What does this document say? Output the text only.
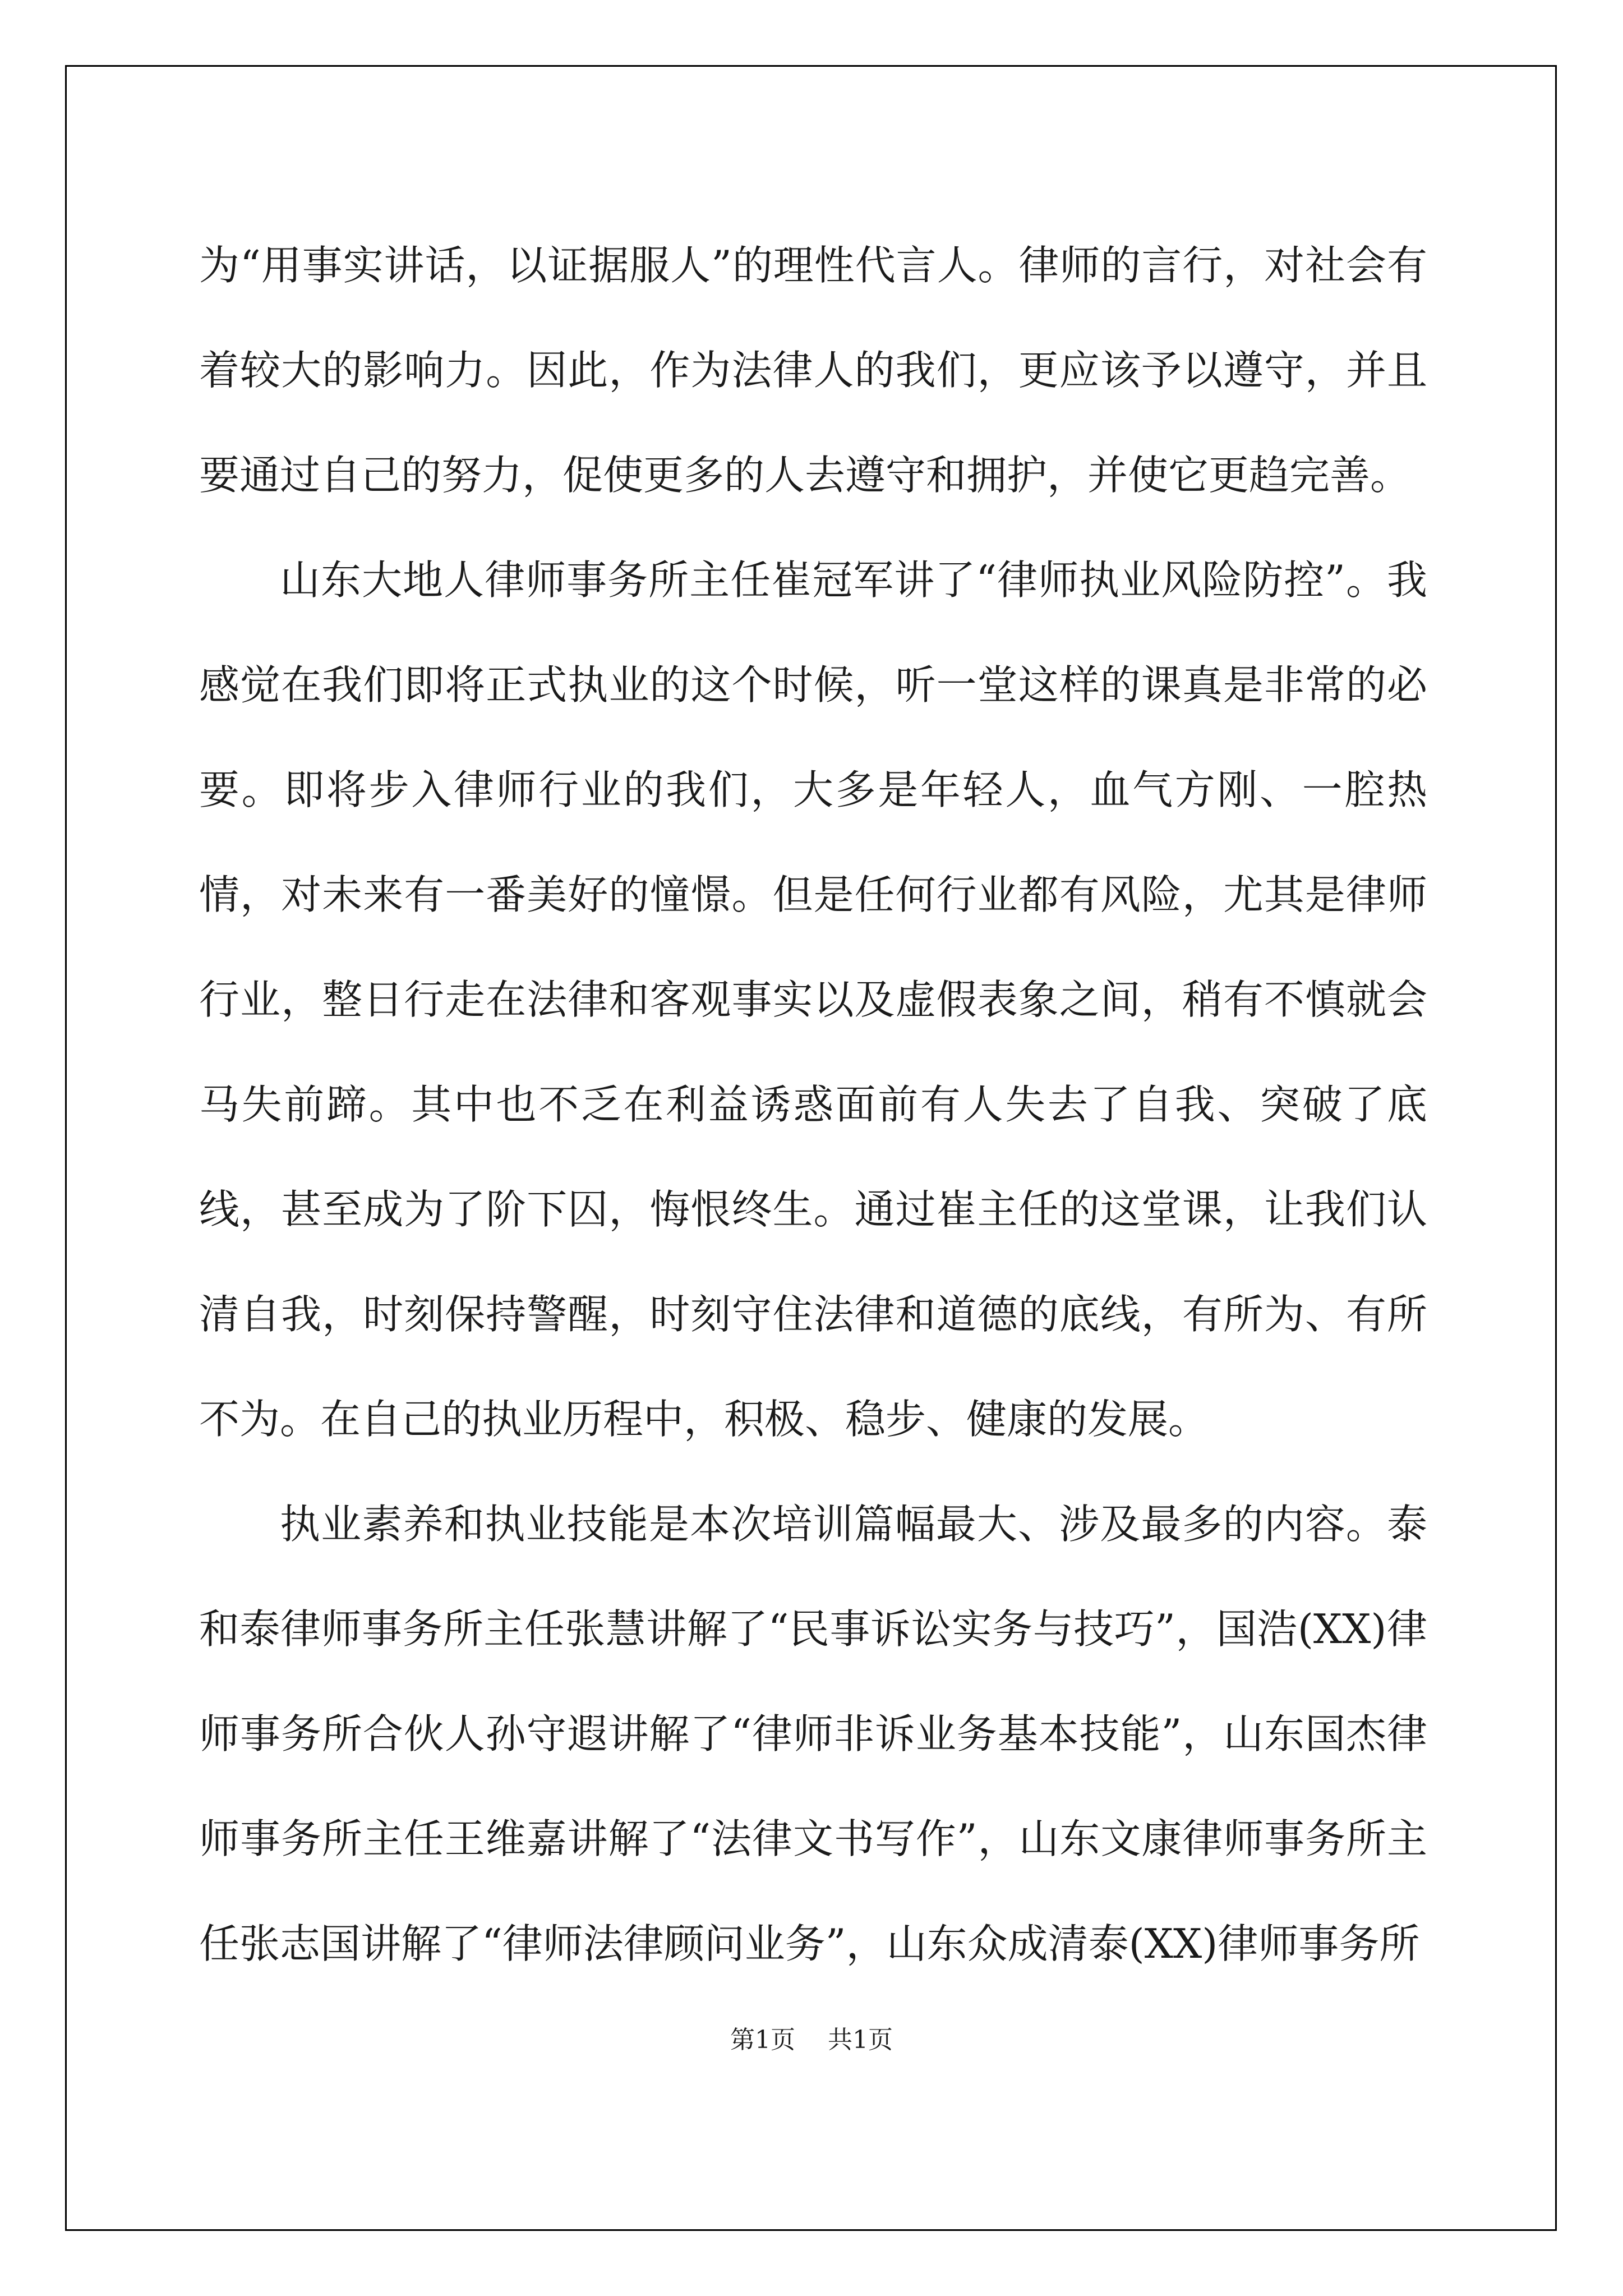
为“用事实讲话，以证据服人”的理性代言人。律师的言行，对社会有着较大的影响力。因此，作为法律人的我们，更应该予以遵守，并且要通过自己的努力，促使更多的人去遵守和拥护，并使它更趋完善。

山东大地人律师事务所主任崔冠军讲了“律师执业风险防控”。我感觉在我们即将正式执业的这个时候，听一堂这样的课真是非常的必要。即将步入律师行业的我们，大多是年轻人，血气方刚、一腔热情，对未来有一番美好的憧憬。但是任何行业都有风险，尤其是律师行业，整日行走在法律和客观事实以及虚假表象之间，稍有不慎就会马失前蹄。其中也不乏在利益诱惑面前有人失去了自我、突破了底线，甚至成为了阶下囚，悔恨终生。通过崔主任的这堂课，让我们认清自我，时刻保持警醒，时刻守住法律和道德的底线，有所为、有所不为。在自己的执业历程中，积极、稳步、健康的发展。

执业素养和执业技能是本次培训篇幅最大、涉及最多的内容。泰和泰律师事务所主任张慧讲解了“民事诉讼实务与技巧”，国浩(XX)律师事务所合伙人孙守遐讲解了“律师非诉业务基本技能”，山东国杰律师事务所主任王维嘉讲解了“法律文书写作”，山东文康律师事务所主任张志国讲解了“律师法律顾问业务”，山东众成清泰(XX)律师事务所

第1页 共1页
